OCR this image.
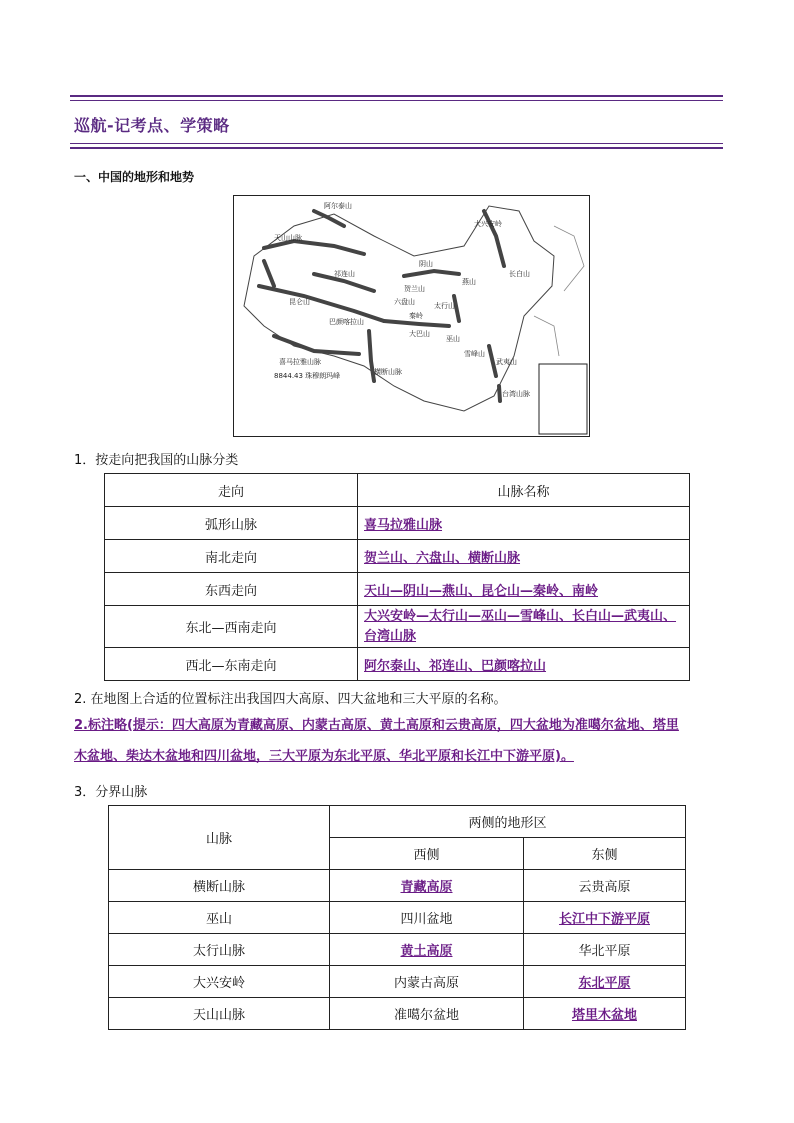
巡航-记考点、学策略
一、中国的地形和地势
天山山脉
阴山
大兴安岭
长白山
燕山
太行山
祁连山
昆仑山
巴颜喀拉山
秦岭
大巴山
巫山
横断山脉
喜马拉雅山脉
雪峰山
武夷山
台湾山脉
贺兰山
六盘山
阿尔泰山
8844.43 珠穆朗玛峰
1．按走向把我国的山脉分类
走向	山脉名称
弧形山脉	喜马拉雅山脉
南北走向	贺兰山、六盘山、横断山脉
东西走向	天山—阴山—燕山、昆仑山—秦岭、南岭
东北—西南走向	大兴安岭—太行山—巫山—雪峰山、长白山—武夷山、
台湾山脉
西北—东南走向	阿尔泰山、祁连山、巴颜喀拉山
2. 在地图上合适的位置标注出我国四大高原、四大盆地和三大平原的名称。
2.标注略(提示：四大高原为青藏高原、内蒙古高原、黄土高原和云贵高原，四大盆地为准噶尔盆地、塔里
木盆地、柴达木盆地和四川盆地，三大平原为东北平原、华北平原和长江中下游平原)。
3．分界山脉
山脉	两侧的地形区	
	西侧	东侧
横断山脉	青藏高原	云贵高原
巫山	四川盆地	长江中下游平原
太行山脉	黄土高原	华北平原
大兴安岭	内蒙古高原	东北平原
天山山脉	准噶尔盆地	塔里木盆地
